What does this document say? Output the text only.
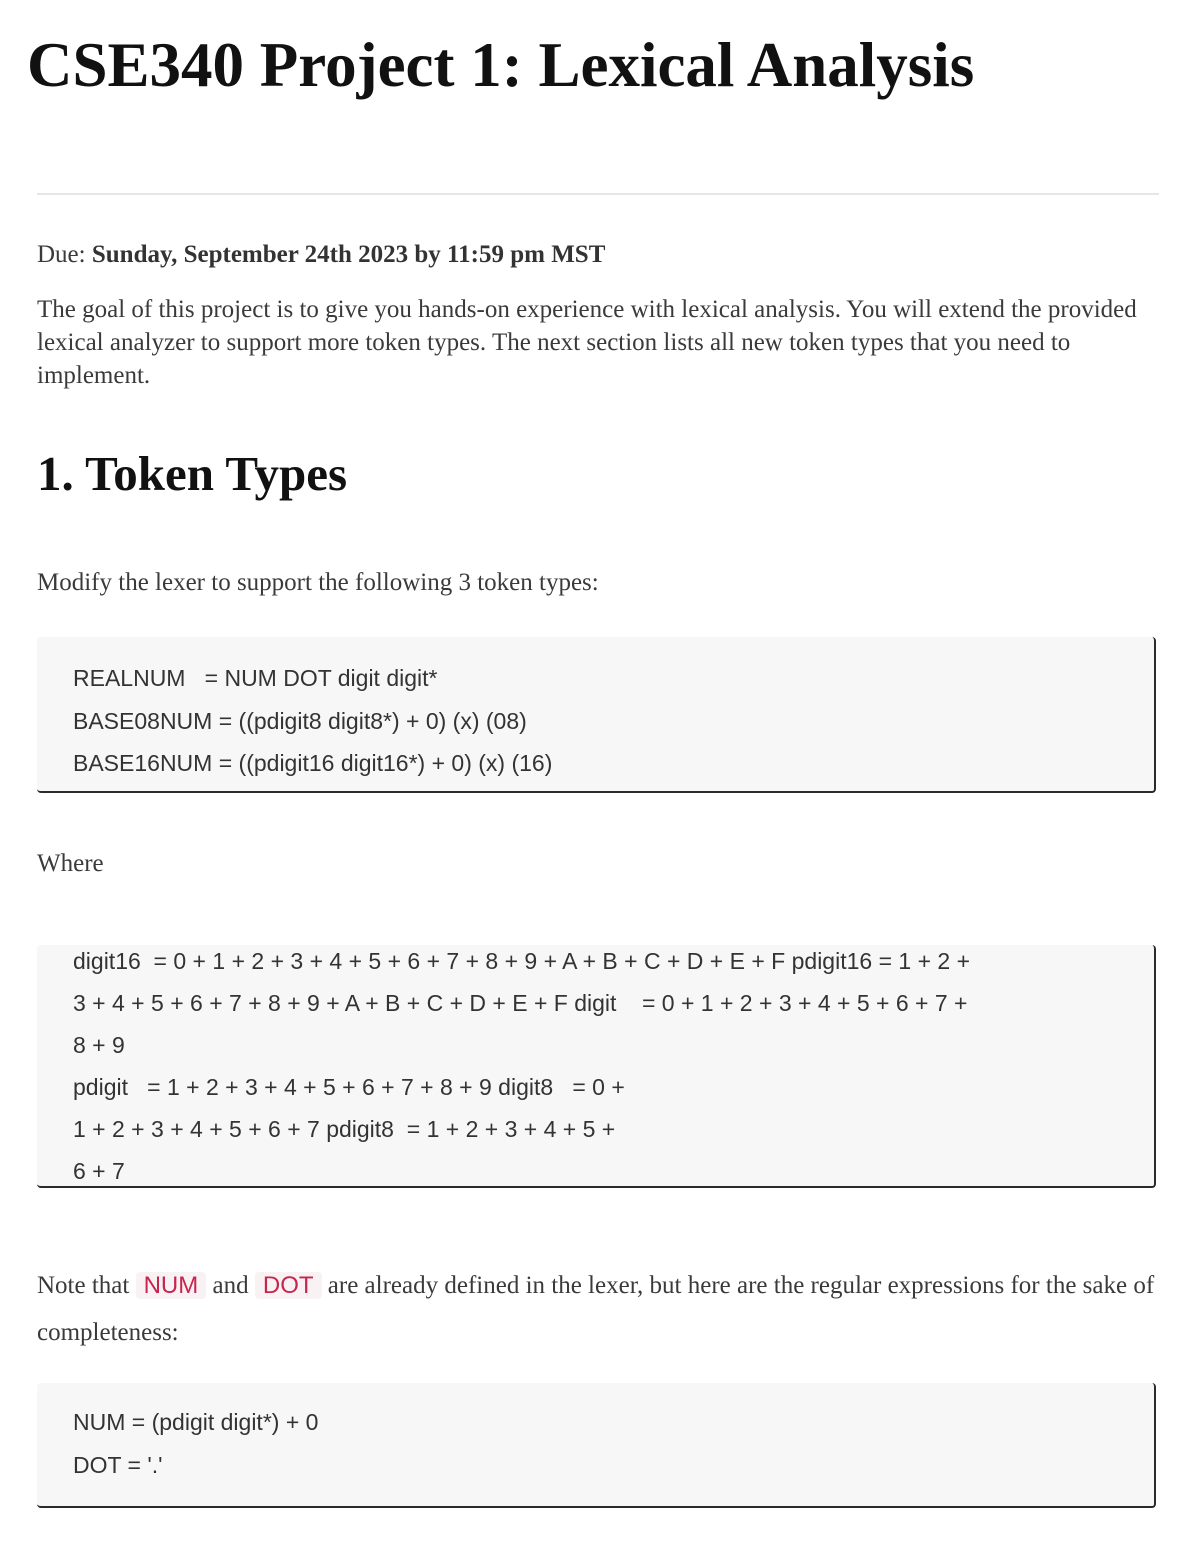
CSE340 Project 1: Lexical Analysis

Due: Sunday, September 24th 2023 by 11:59 pm MST

The goal of this project is to give you hands-on experience with lexical analysis. You will extend the provided lexical analyzer to support more token types. The next section lists all new token types that you need to implement.

1. Token Types

Modify the lexer to support the following 3 token types:

REALNUM   = NUM DOT digit digit*
BASE08NUM = ((pdigit8 digit8*) + 0) (x) (08)
BASE16NUM = ((pdigit16 digit16*) + 0) (x) (16)

Where

digit16  = 0 + 1 + 2 + 3 + 4 + 5 + 6 + 7 + 8 + 9 + A + B + C + D + E + F pdigit16 = 1 + 2 +
3 + 4 + 5 + 6 + 7 + 8 + 9 + A + B + C + D + E + F digit    = 0 + 1 + 2 + 3 + 4 + 5 + 6 + 7 +
8 + 9
pdigit   = 1 + 2 + 3 + 4 + 5 + 6 + 7 + 8 + 9 digit8   = 0 +
1 + 2 + 3 + 4 + 5 + 6 + 7 pdigit8  = 1 + 2 + 3 + 4 + 5 +
6 + 7

Note that NUM and DOT are already defined in the lexer, but here are the regular expressions for the sake of completeness:

NUM = (pdigit digit*) + 0
DOT = '.'
